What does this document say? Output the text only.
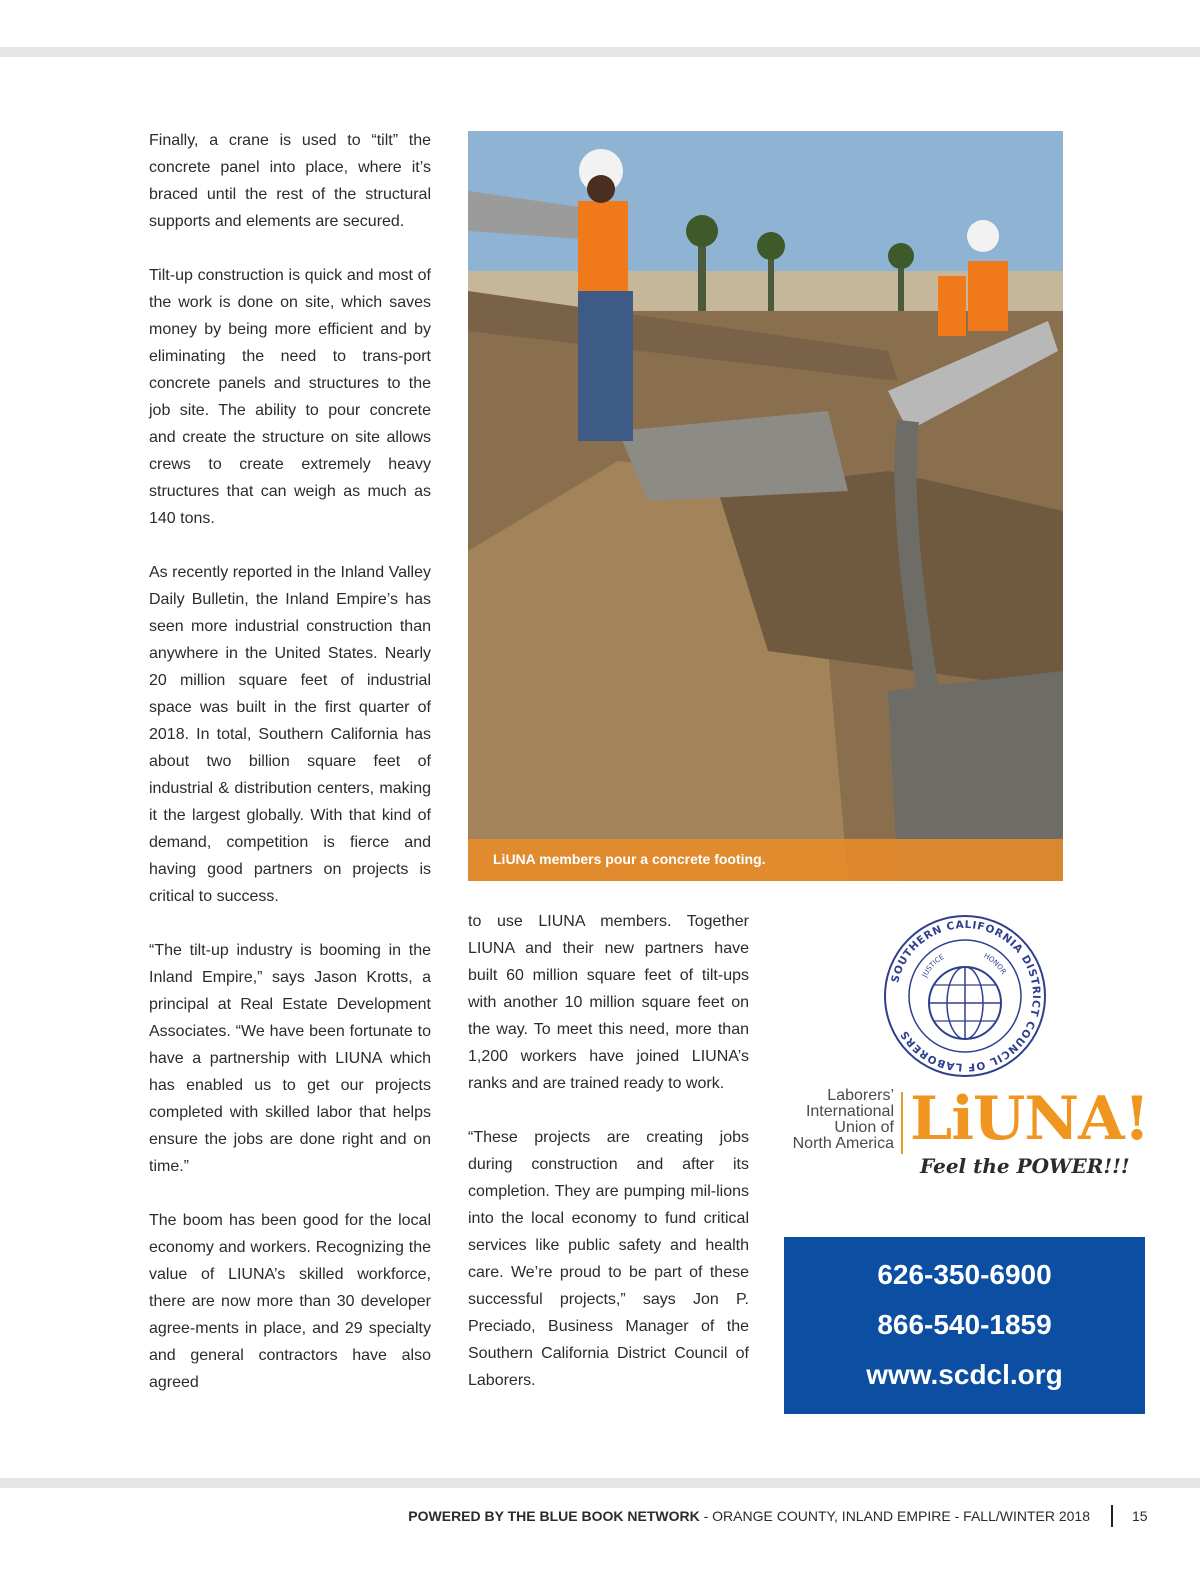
Finally, a crane is used to “tilt” the concrete panel into place, where it’s braced until the rest of the structural supports and elements are secured.

Tilt-up construction is quick and most of the work is done on site, which saves money by being more efficient and by eliminating the need to trans-port concrete panels and structures to the job site. The ability to pour concrete and create the structure on site allows crews to create extremely heavy structures that can weigh as much as 140 tons.

As recently reported in the Inland Valley Daily Bulletin, the Inland Empire’s has seen more industrial construction than anywhere in the United States. Nearly 20 million square feet of industrial space was built in the first quarter of 2018. In total, Southern California has about two billion square feet of industrial & distribution centers, making it the largest globally. With that kind of demand, competition is fierce and having good partners on projects is critical to success.

“The tilt-up industry is booming in the Inland Empire,” says Jason Krotts, a principal at Real Estate Development Associates. “We have been fortunate to have a partnership with LIUNA which has enabled us to get our projects completed with skilled labor that helps ensure the jobs are done right and on time.”

The boom has been good for the local economy and workers. Recognizing the value of LIUNA’s skilled workforce, there are now more than 30 developer agree-ments in place, and 29 specialty and general contractors have also agreed

LiUNA members pour a concrete footing.

to use LIUNA members. Together LIUNA and their new partners have built 60 million square feet of tilt-ups with another 10 million square feet on the way. To meet this need, more than 1,200 workers have joined LIUNA’s ranks and are trained ready to work.

“These projects are creating jobs during construction and after its completion. They are pumping mil-lions into the local economy to fund critical services like public safety and health care. We’re proud to be part of these successful projects,” says Jon P. Preciado, Business Manager of the Southern California District Council of Laborers.

SOUTHERN CALIFORNIA DISTRICT COUNCIL OF LABORERS
JUSTICE	HONOR
Laborers’
International
Union of
North America LiUNA!
Feel the POWER!!!
626-350-6900
866-540-1859
www.scdcl.org
POWERED BY THE BLUE BOOK NETWORK - ORANGE COUNTY, INLAND EMPIRE - FALL/WINTER 2018	15
